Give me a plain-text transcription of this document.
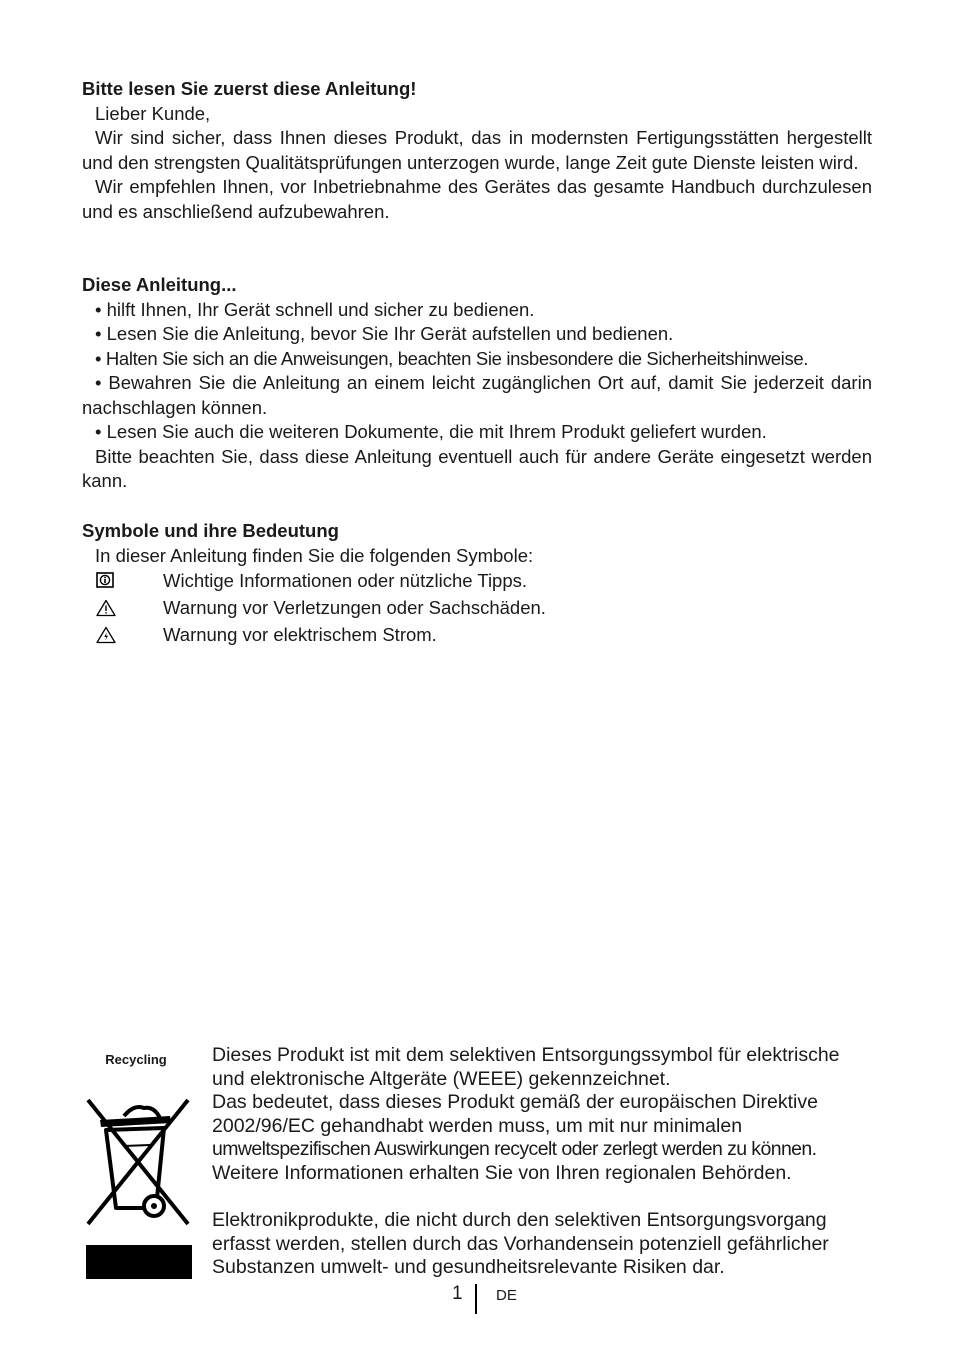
Bitte lesen Sie zuerst diese Anleitung!
Lieber Kunde,
Wir sind sicher, dass Ihnen dieses Produkt, das in modernsten Fertigungsstätten hergestellt und den strengsten Qualitätsprüfungen unterzogen wurde, lange Zeit gute Dienste leisten wird.
Wir empfehlen Ihnen, vor Inbetriebnahme des Gerätes das gesamte Handbuch durchzulesen und es anschließend aufzubewahren.
Diese Anleitung...
• hilft Ihnen, Ihr Gerät schnell und sicher zu bedienen.
• Lesen Sie die Anleitung, bevor Sie Ihr Gerät aufstellen und bedienen.
• Halten Sie sich an die Anweisungen, beachten Sie insbesondere die Sicherheitshinweise.
• Bewahren Sie die Anleitung an einem leicht zugänglichen Ort auf, damit Sie jederzeit darin nachschlagen können.
• Lesen Sie auch die weiteren Dokumente, die mit Ihrem Produkt geliefert wurden.
Bitte beachten Sie, dass diese Anleitung eventuell auch für andere Geräte eingesetzt werden kann.
Symbole und ihre Bedeutung
In dieser Anleitung finden Sie die folgenden Symbole:
Wichtige Informationen oder nützliche Tipps.
Warnung vor Verletzungen oder Sachschäden.
Warnung vor elektrischem Strom.
Recycling	Dieses Produkt ist mit dem selektiven Entsorgungssymbol für elektrische
und elektronische Altgeräte (WEEE) gekennzeichnet.
Das bedeutet, dass dieses Produkt gemäß der europäischen Direktive
2002/96/EC gehandhabt werden muss, um mit nur minimalen
umweltspezifischen Auswirkungen recycelt oder zerlegt werden zu können.
Weitere Informationen erhalten Sie von Ihren regionalen Behörden.
Elektronikprodukte, die nicht durch den selektiven Entsorgungsvorgang
erfasst werden, stellen durch das Vorhandensein potenziell gefährlicher
Substanzen umwelt- und gesundheitsrelevante Risiken dar.
1 DE
